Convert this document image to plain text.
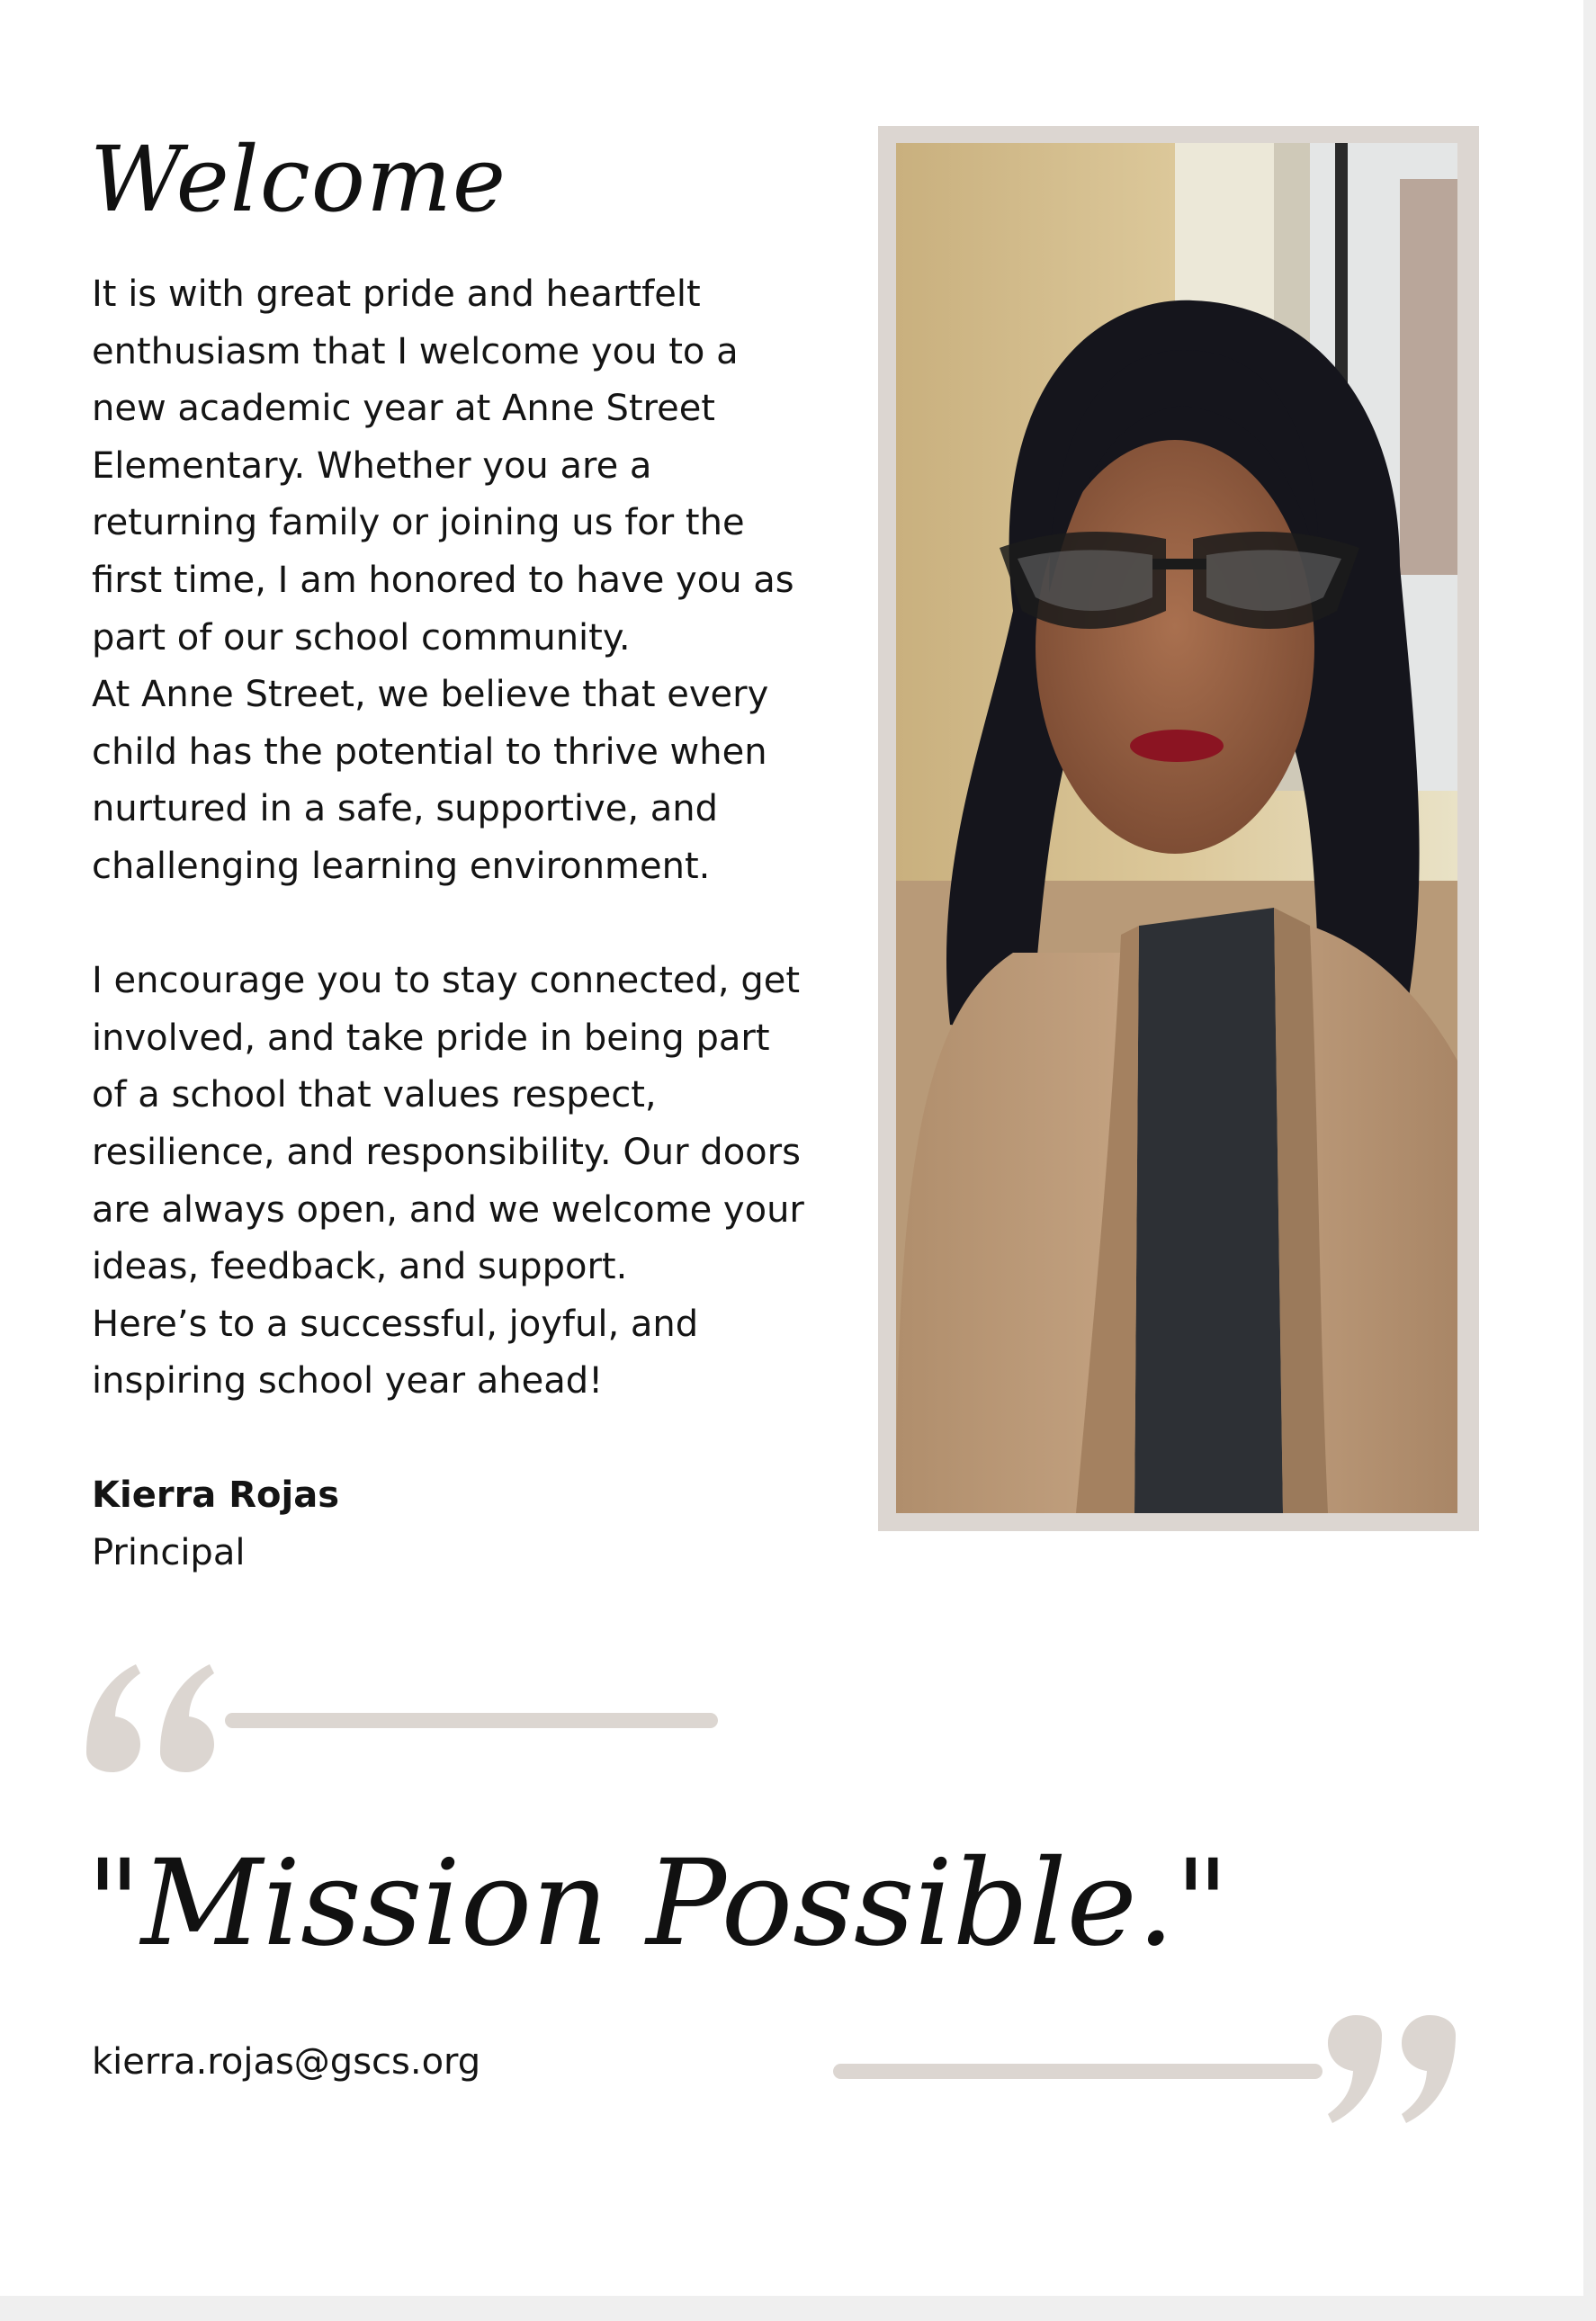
Welcome

It is with great pride and heartfelt
enthusiasm that I welcome you to a
new academic year at Anne Street
Elementary. Whether you are a
returning family or joining us for the
first time, I am honored to have you as
part of our school community.

At Anne Street, we believe that every
child has the potential to thrive when
nurtured in a safe, supportive, and
challenging learning environment.

I encourage you to stay connected, get
involved, and take pride in being part
of a school that values respect,
resilience, and responsibility. Our doors
are always open, and we welcome your
ideas, feedback, and support.

Here’s to a successful, joyful, and
inspiring school year ahead!

Kierra Rojas

Principal

"Mission Possible."
kierra.rojas@gscs.org
